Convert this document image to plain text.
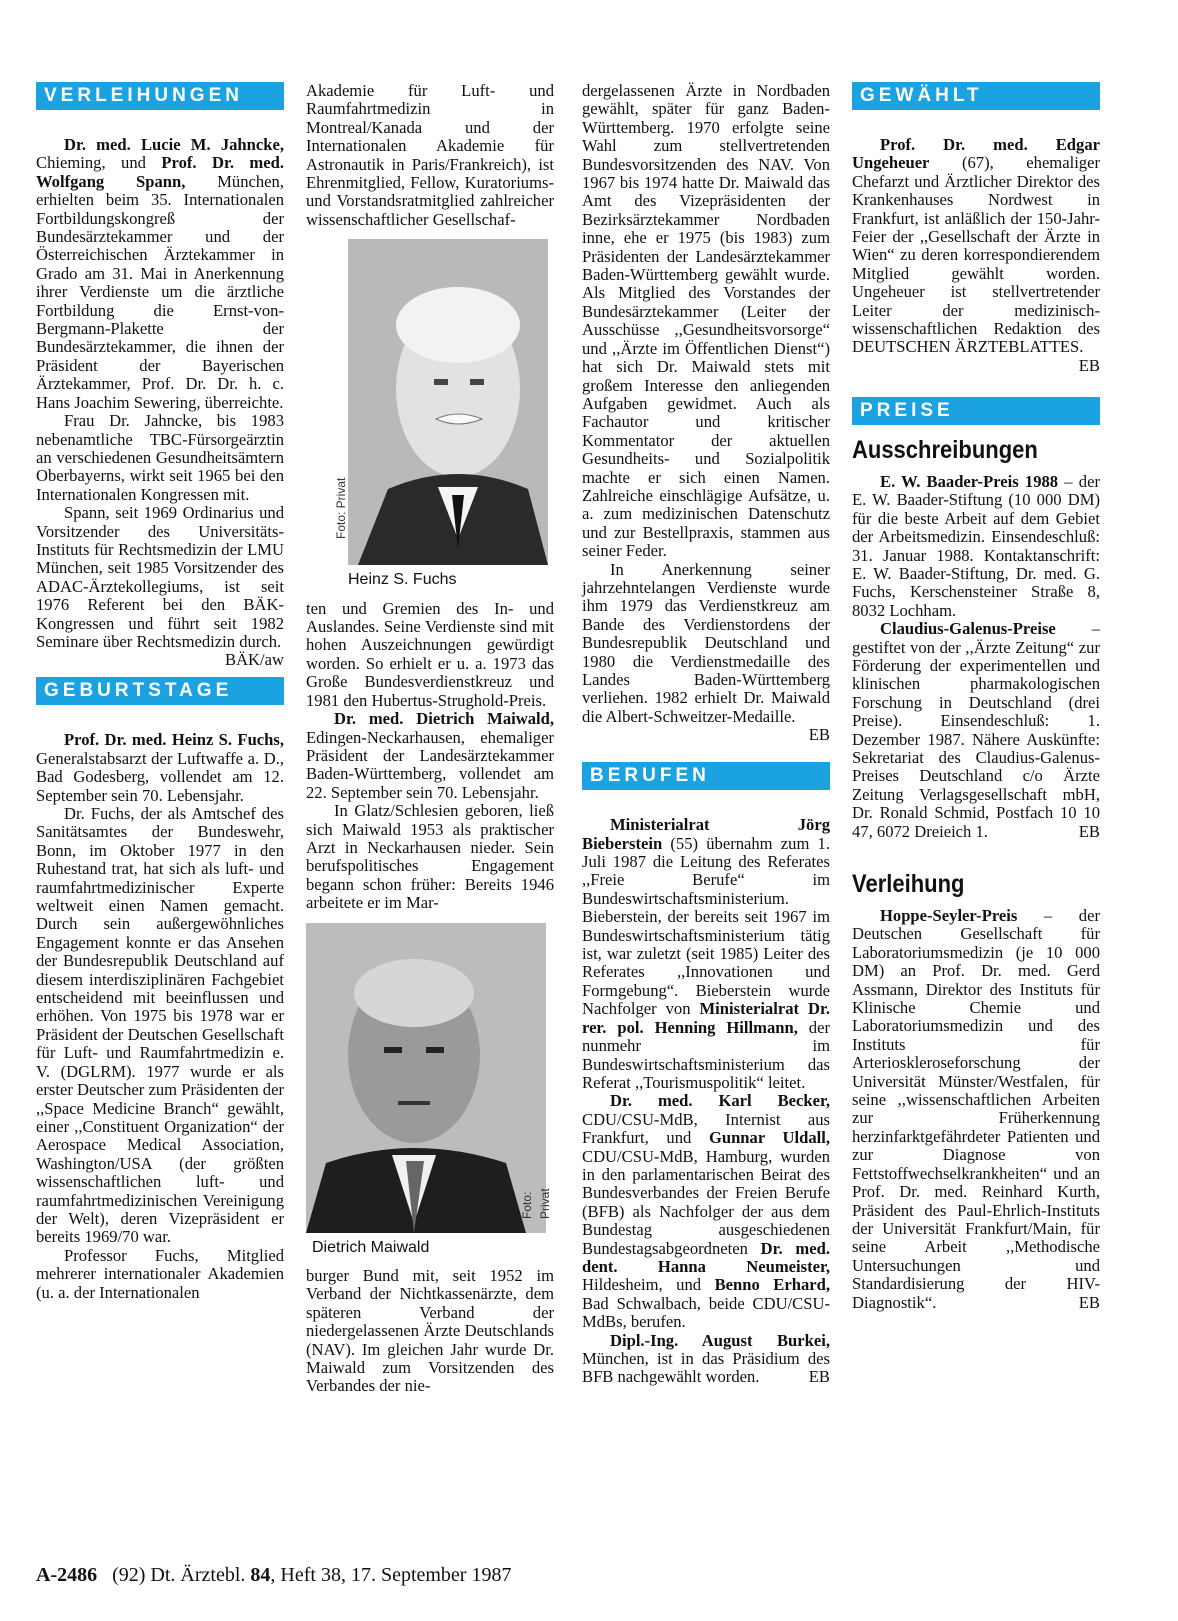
VERLEIHUNGEN

Dr. med. Lucie M. Jahncke, Chieming, und Prof. Dr. med. Wolfgang Spann, München, erhielten beim 35. Internationalen Fortbildungskongreß der Bundesärztekammer und der Österreichischen Ärztekammer in Grado am 31. Mai in Anerkennung ihrer Verdienste um die ärztliche Fortbildung die Ernst-von-Bergmann-Plakette der Bundesärztekammer, die ihnen der Präsident der Bayerischen Ärztekammer, Prof. Dr. Dr. h. c. Hans Joachim Sewering, überreichte.

Frau Dr. Jahncke, bis 1983 nebenamtliche TBC-Fürsorgeärztin an verschiedenen Gesundheitsämtern Oberbayerns, wirkt seit 1965 bei den Internationalen Kongressen mit.

Spann, seit 1969 Ordinarius und Vorsitzender des Universitäts-Instituts für Rechtsmedizin der LMU München, seit 1985 Vorsitzender des ADAC-Ärztekollegiums, ist seit 1976 Referent bei den BÄK-Kongressen und führt seit 1982 Seminare über Rechtsmedizin durch.
BÄK/aw

GEBURTSTAGE

Prof. Dr. med. Heinz S. Fuchs, Generalstabsarzt der Luftwaffe a. D., Bad Godesberg, vollendet am 12. September sein 70. Lebensjahr.

Dr. Fuchs, der als Amtschef des Sanitätsamtes der Bundeswehr, Bonn, im Oktober 1977 in den Ruhestand trat, hat sich als luft- und raumfahrtmedizinischer Experte weltweit einen Namen gemacht. Durch sein außergewöhnliches Engagement konnte er das Ansehen der Bundesrepublik Deutschland auf diesem interdisziplinären Fachgebiet entscheidend mit beeinflussen und erhöhen. Von 1975 bis 1978 war er Präsident der Deutschen Gesellschaft für Luft- und Raumfahrtmedizin e. V. (DGLRM). 1977 wurde er als erster Deutscher zum Präsidenten der ,,Space Medicine Branch“ gewählt, einer ,,Constituent Organization“ der Aerospace Medical Association, Washington/USA (der größten wissenschaftlichen luft- und raumfahrtmedizinischen Vereinigung der Welt), deren Vizepräsident er bereits 1969/70 war.

Professor Fuchs, Mitglied mehrerer internationaler Akademien (u. a. der Internationalen

Akademie für Luft- und Raumfahrtmedizin in Montreal/Kanada und der Internationalen Akademie für Astronautik in Paris/Frankreich), ist Ehrenmitglied, Fellow, Kuratoriums- und Vorstandsratmitglied zahlreicher wissenschaftlicher Gesellschaf-

Foto: Privat
Heinz S. Fuchs

ten und Gremien des In- und Auslandes. Seine Verdienste sind mit hohen Auszeichnungen gewürdigt worden. So erhielt er u. a. 1973 das Große Bundesverdienstkreuz und 1981 den Hubertus-Strughold-Preis.

Dr. med. Dietrich Maiwald, Edingen-Neckarhausen, ehemaliger Präsident der Landesärztekammer Baden-Württemberg, vollendet am 22. September sein 70. Lebensjahr.

In Glatz/Schlesien geboren, ließ sich Maiwald 1953 als praktischer Arzt in Neckarhausen nieder. Sein berufspolitisches Engagement begann schon früher: Bereits 1946 arbeitete er im Mar-

Foto: Privat
Dietrich Maiwald

burger Bund mit, seit 1952 im Verband der Nichtkassenärzte, dem späteren Verband der niedergelassenen Ärzte Deutschlands (NAV). Im gleichen Jahr wurde Dr. Maiwald zum Vorsitzenden des Verbandes der nie-

dergelassenen Ärzte in Nordbaden gewählt, später für ganz Baden-Württemberg. 1970 erfolgte seine Wahl zum stellvertretenden Bundesvorsitzenden des NAV. Von 1967 bis 1974 hatte Dr. Maiwald das Amt des Vizepräsidenten der Bezirksärztekammer Nordbaden inne, ehe er 1975 (bis 1983) zum Präsidenten der Landesärztekammer Baden-Württemberg gewählt wurde. Als Mitglied des Vorstandes der Bundesärztekammer (Leiter der Ausschüsse ,,Gesundheitsvorsorge“ und ,,Ärzte im Öffentlichen Dienst“) hat sich Dr. Maiwald stets mit großem Interesse den anliegenden Aufgaben gewidmet. Auch als Fachautor und kritischer Kommentator der aktuellen Gesundheits- und Sozialpolitik machte er sich einen Namen. Zahlreiche einschlägige Aufsätze, u. a. zum medizinischen Datenschutz und zur Bestellpraxis, stammen aus seiner Feder.

In Anerkennung seiner jahrzehntelangen Verdienste wurde ihm 1979 das Verdienstkreuz am Bande des Verdienstordens der Bundesrepublik Deutschland und 1980 die Verdienstmedaille des Landes Baden-Württemberg verliehen. 1982 erhielt Dr. Maiwald die Albert-Schweitzer-Medaille.
EB

BERUFEN

Ministerialrat Jörg Bieberstein (55) übernahm zum 1. Juli 1987 die Leitung des Referates ,,Freie Berufe“ im Bundeswirtschaftsministerium. Bieberstein, der bereits seit 1967 im Bundeswirtschaftsministerium tätig ist, war zuletzt (seit 1985) Leiter des Referates ,,Innovationen und Formgebung“. Bieberstein wurde Nachfolger von Ministerialrat Dr. rer. pol. Henning Hillmann, der nunmehr im Bundeswirtschaftsministerium das Referat ,,Tourismuspolitik“ leitet.

Dr. med. Karl Becker, CDU/CSU-MdB, Internist aus Frankfurt, und Gunnar Uldall, CDU/CSU-MdB, Hamburg, wurden in den parlamentarischen Beirat des Bundesverbandes der Freien Berufe (BFB) als Nachfolger der aus dem Bundestag ausgeschiedenen Bundestagsabgeordneten Dr. med. dent. Hanna Neumeister, Hildesheim, und Benno Erhard, Bad Schwalbach, beide CDU/CSU-MdBs, berufen.

Dipl.-Ing. August Burkei, München, ist in das Präsidium des BFB nachgewählt worden.	EB

GEWÄHLT

Prof. Dr. med. Edgar Ungeheuer (67), ehemaliger Chefarzt und Ärztlicher Direktor des Krankenhauses Nordwest in Frankfurt, ist anläßlich der 150-Jahr-Feier der ,,Gesellschaft der Ärzte in Wien“ zu deren korrespondierendem Mitglied gewählt worden. Ungeheuer ist stellvertretender Leiter der medizinisch-wissenschaftlichen Redaktion des DEUTSCHEN ÄRZTEBLATTES.
EB

PREISE
Ausschreibungen

E. W. Baader-Preis 1988 – der E. W. Baader-Stiftung (10 000 DM) für die beste Arbeit auf dem Gebiet der Arbeitsmedizin. Einsendeschluß: 31. Januar 1988. Kontaktanschrift: E. W. Baader-Stiftung, Dr. med. G. Fuchs, Kerschensteiner Straße 8, 8032 Lochham.

Claudius-Galenus-Preise – gestiftet von der ,,Ärzte Zeitung“ zur Förderung der experimentellen und klinischen pharmakologischen Forschung in Deutschland (drei Preise). Einsendeschluß: 1. Dezember 1987. Nähere Auskünfte: Sekretariat des Claudius-Galenus-Preises Deutschland c/o Ärzte Zeitung Verlagsgesellschaft mbH, Dr. Ronald Schmid, Postfach 10 10 47, 6072 Dreieich 1.	EB

Verleihung

Hoppe-Seyler-Preis – der Deutschen Gesellschaft für Laboratoriumsmedizin (je 10 000 DM) an Prof. Dr. med. Gerd Assmann, Direktor des Instituts für Klinische Chemie und Laboratoriumsmedizin und des Instituts für Arterioskleroseforschung der Universität Münster/Westfalen, für seine ,,wissenschaftlichen Arbeiten zur Früherkennung herzinfarktgefährdeter Patienten und zur Diagnose von Fettstoffwechselkrankheiten“ und an Prof. Dr. med. Reinhard Kurth, Präsident des Paul-Ehrlich-Instituts der Universität Frankfurt/Main, für seine Arbeit ,,Methodische Untersuchungen und Standardisierung der HIV-Diagnostik“.	EB

A-2486 (92) Dt. Ärztebl. 84, Heft 38, 17. September 1987
